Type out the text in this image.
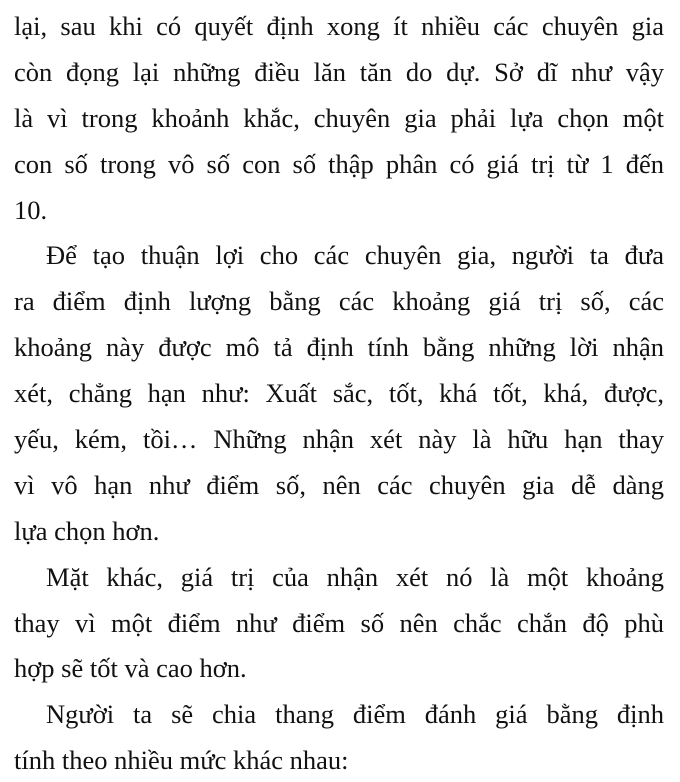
lại, sau khi có quyết định xong ít nhiều các chuyên gia
còn đọng lại những điều lăn tăn do dự. Sở dĩ như vậy
là vì trong khoảnh khắc, chuyên gia phải lựa chọn một
con số trong vô số con số thập phân có giá trị từ 1 đến
10.
Để tạo thuận lợi cho các chuyên gia, người ta đưa
ra điểm định lượng bằng các khoảng giá trị số, các
khoảng này được mô tả định tính bằng những lời nhận
xét, chẳng hạn như: Xuất sắc, tốt, khá tốt, khá, được,
yếu, kém, tồi… Những nhận xét này là hữu hạn thay
vì vô hạn như điểm số, nên các chuyên gia dễ dàng
lựa chọn hơn.
Mặt khác, giá trị của nhận xét nó là một khoảng
thay vì một điểm như điểm số nên chắc chắn độ phù
hợp sẽ tốt và cao hơn.
Người ta sẽ chia thang điểm đánh giá bằng định
tính theo nhiều mức khác nhau:
